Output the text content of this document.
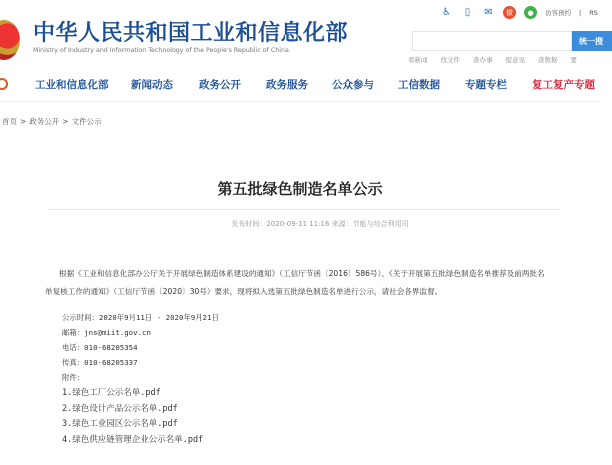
中华人民共和国工业和信息化部
Ministry of Industry and Information Technology of the People's Republic of China
♿	▯	✉	微	●	访客预约 | RS
统一搜
看新闻 找文件 查办事 提意见 查数据 要
工业和信息化部 新闻动态 政务公开 政务服务 公众参与 工信数据 专题专栏 复工复产专题
首页 > 政务公开 > 文件公示
第五批绿色制造名单公示
发布时间：2020-09-11 11:16 来源：节能与综合利用司
根据《工业和信息化部办公厅关于开展绿色制造体系建设的通知》（工信厅节函〔2016〕586号）、《关于开展第五批绿色制造名单推荐及前两批名单复核工作的通知》（工信厅节函〔2020〕30号）要求，现将拟入选第五批绿色制造名单进行公示，请社会各界监督。
公示时间：2020年9月11日 - 2020年9月21日
邮箱：jns@miit.gov.cn
电话：010-68205354
传真：010-68205337
附件：
1.绿色工厂公示名单.pdf
2.绿色设计产品公示名单.pdf
3.绿色工业园区公示名单.pdf
4.绿色供应链管理企业公示名单.pdf
